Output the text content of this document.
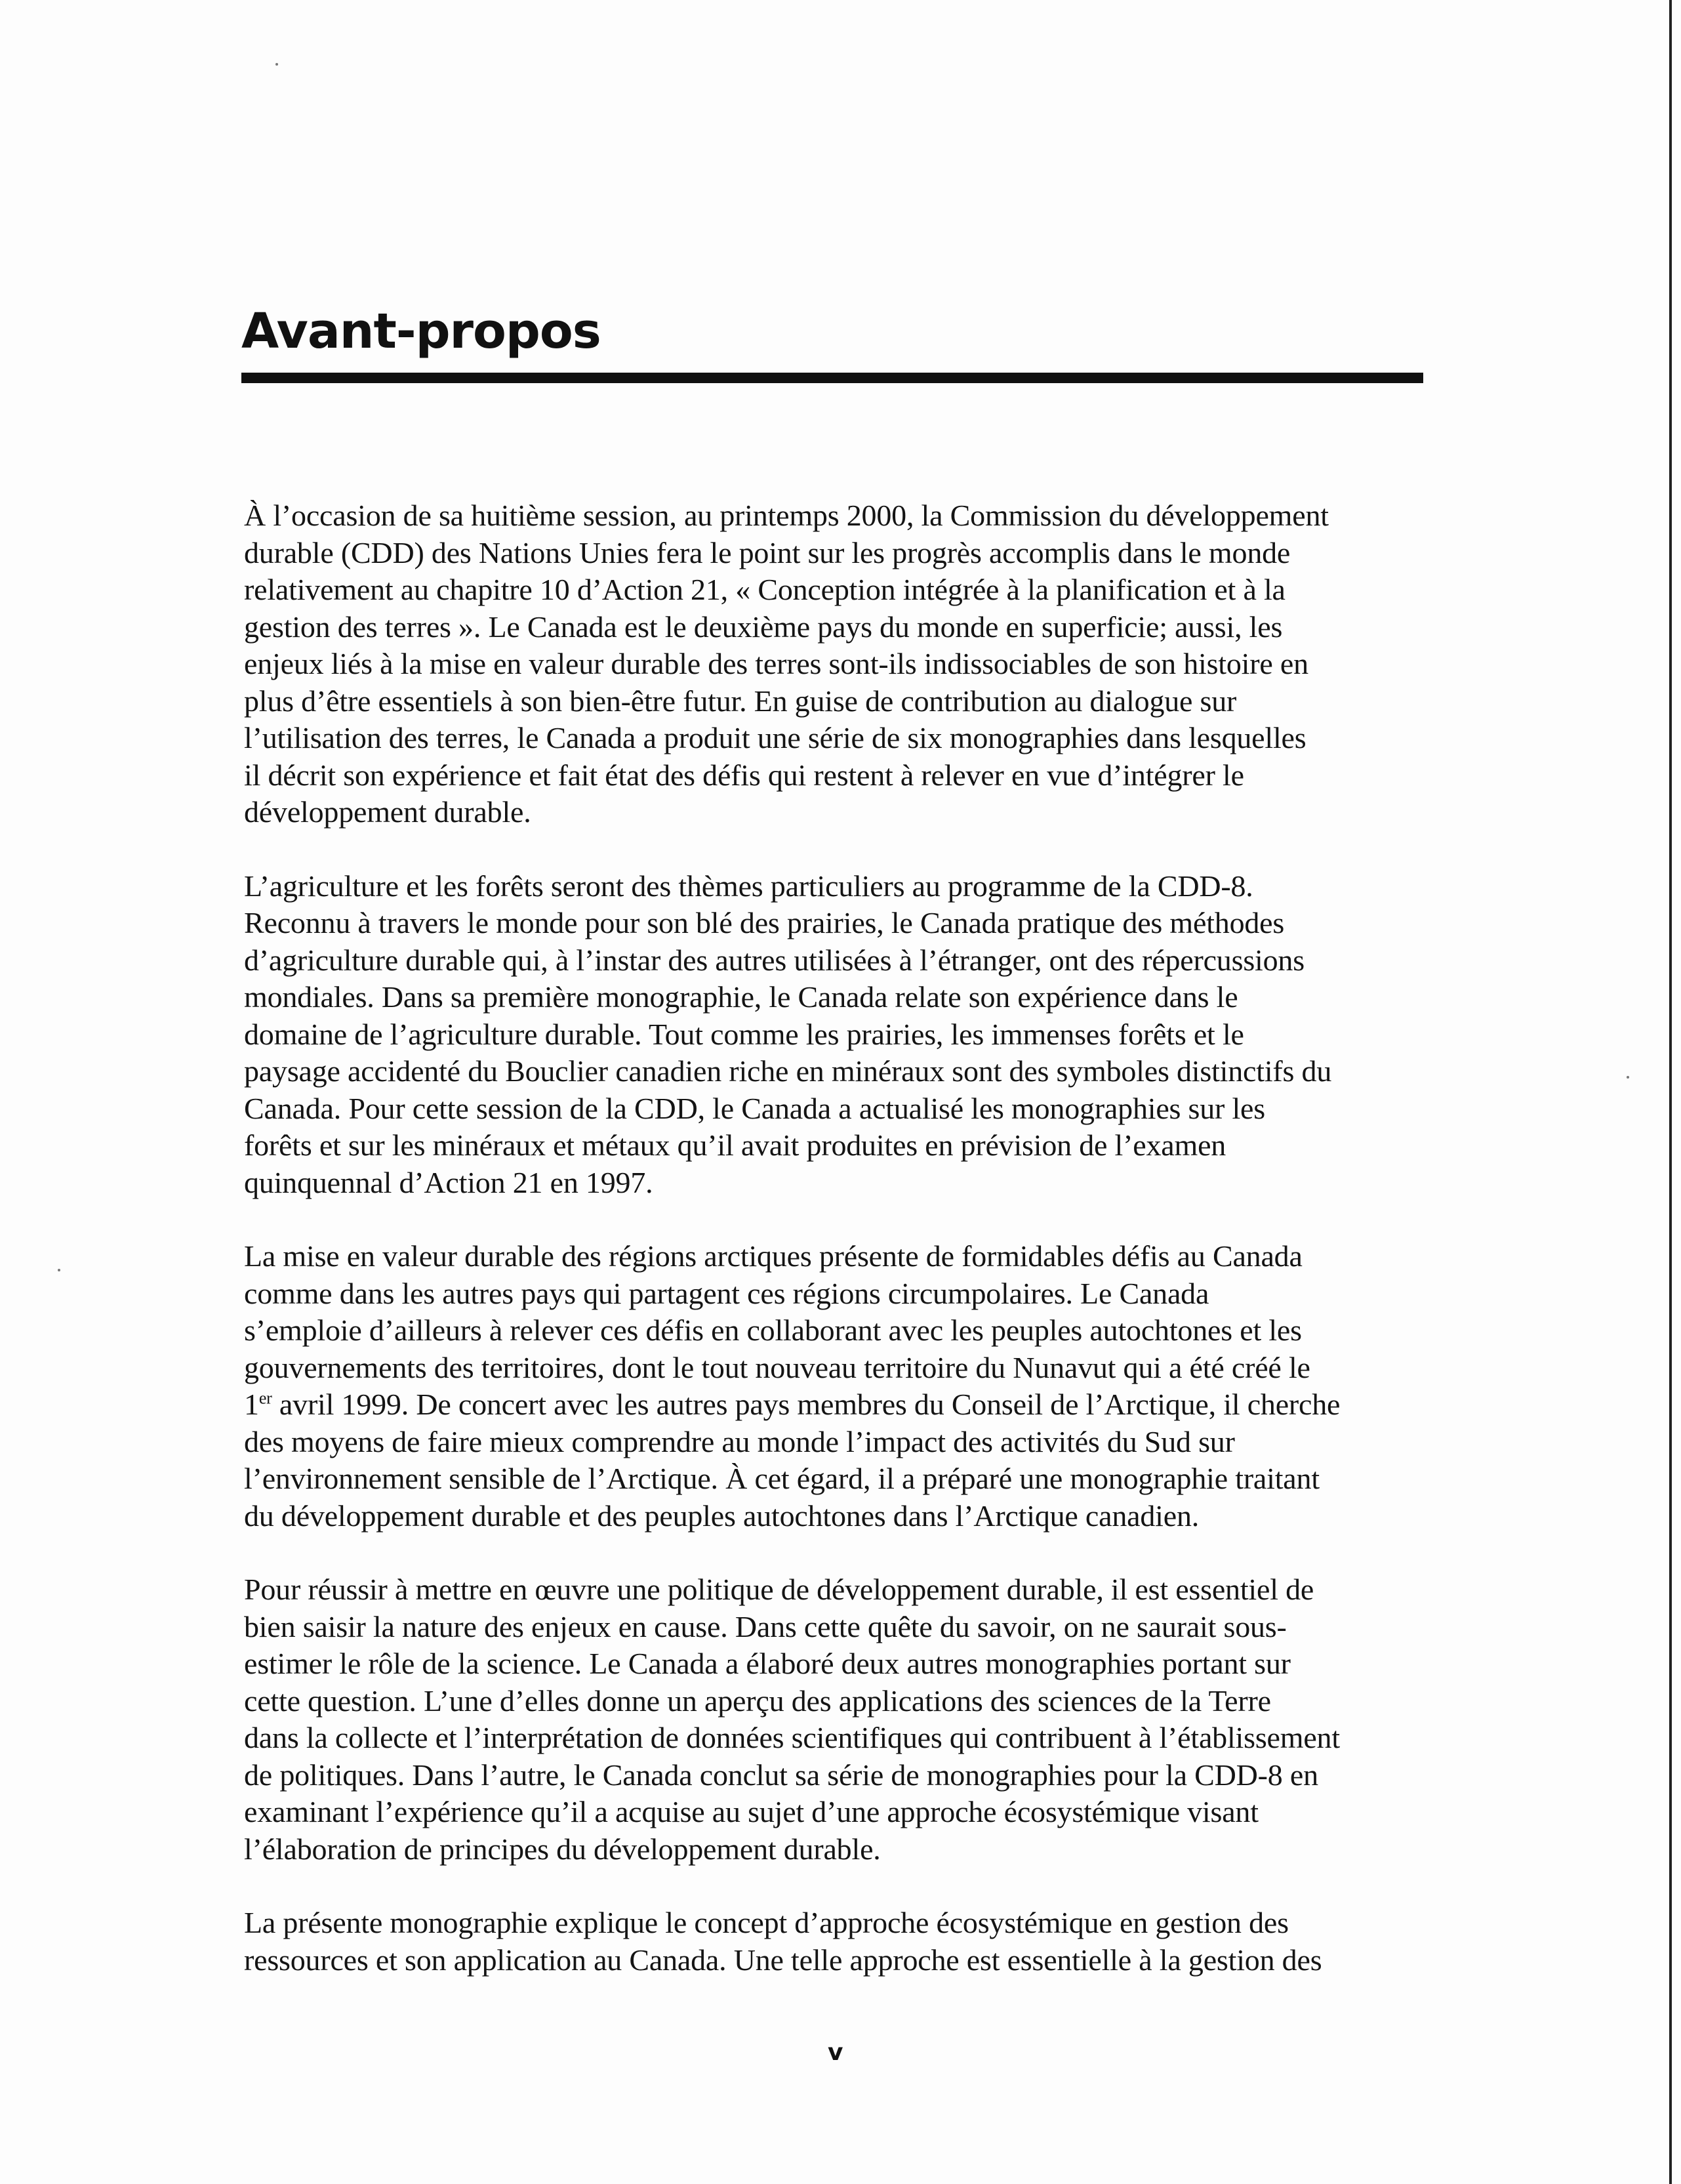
Avant-propos

À l’occasion de sa huitième session, au printemps 2000, la Commission du développement
durable (CDD) des Nations Unies fera le point sur les progrès accomplis dans le monde
relativement au chapitre 10 d’Action 21, « Conception intégrée à la planification et à la
gestion des terres ». Le Canada est le deuxième pays du monde en superficie; aussi, les
enjeux liés à la mise en valeur durable des terres sont-ils indissociables de son histoire en
plus d’être essentiels à son bien-être futur. En guise de contribution au dialogue sur
l’utilisation des terres, le Canada a produit une série de six monographies dans lesquelles
il décrit son expérience et fait état des défis qui restent à relever en vue d’intégrer le
développement durable.

L’agriculture et les forêts seront des thèmes particuliers au programme de la CDD-8.
Reconnu à travers le monde pour son blé des prairies, le Canada pratique des méthodes
d’agriculture durable qui, à l’instar des autres utilisées à l’étranger, ont des répercussions
mondiales. Dans sa première monographie, le Canada relate son expérience dans le
domaine de l’agriculture durable. Tout comme les prairies, les immenses forêts et le
paysage accidenté du Bouclier canadien riche en minéraux sont des symboles distinctifs du
Canada. Pour cette session de la CDD, le Canada a actualisé les monographies sur les
forêts et sur les minéraux et métaux qu’il avait produites en prévision de l’examen
quinquennal d’Action 21 en 1997.

La mise en valeur durable des régions arctiques présente de formidables défis au Canada
comme dans les autres pays qui partagent ces régions circumpolaires. Le Canada
s’emploie d’ailleurs à relever ces défis en collaborant avec les peuples autochtones et les
gouvernements des territoires, dont le tout nouveau territoire du Nunavut qui a été créé le
1er avril 1999. De concert avec les autres pays membres du Conseil de l’Arctique, il cherche
des moyens de faire mieux comprendre au monde l’impact des activités du Sud sur
l’environnement sensible de l’Arctique. À cet égard, il a préparé une monographie traitant
du développement durable et des peuples autochtones dans l’Arctique canadien.

Pour réussir à mettre en œuvre une politique de développement durable, il est essentiel de
bien saisir la nature des enjeux en cause. Dans cette quête du savoir, on ne saurait sous-
estimer le rôle de la science. Le Canada a élaboré deux autres monographies portant sur
cette question. L’une d’elles donne un aperçu des applications des sciences de la Terre
dans la collecte et l’interprétation de données scientifiques qui contribuent à l’établissement
de politiques. Dans l’autre, le Canada conclut sa série de monographies pour la CDD-8 en
examinant l’expérience qu’il a acquise au sujet d’une approche écosystémique visant
l’élaboration de principes du développement durable.

La présente monographie explique le concept d’approche écosystémique en gestion des
ressources et son application au Canada. Une telle approche est essentielle à la gestion des

v
